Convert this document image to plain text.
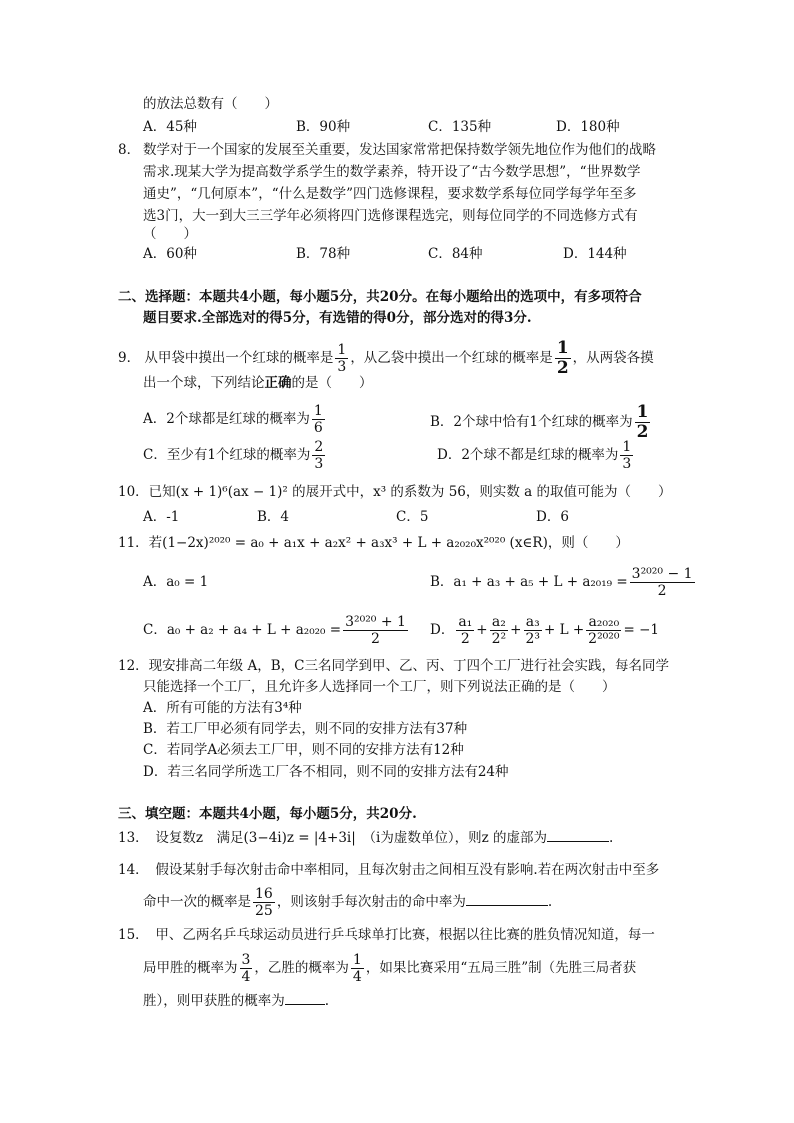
的放法总数有（　　）
A．45种	B．90种	C．135种	D．180种
8． 数学对于一个国家的发展至关重要，发达国家常常把保持数学领先地位作为他们的战略
需求.现某大学为提高数学系学生的数学素养，特开设了“古今数学思想”，“世界数学
通史”，“几何原本”，“什么是数学”四门选修课程，要求数学系每位同学每学年至多
选3门，大一到大三三学年必须将四门选修课程选完，则每位同学的不同选修方式有
（　　）
A．60种	B．78种	C．84种	D．144种
二、选择题：本题共4小题，每小题5分，共20分。在每小题给出的选项中，有多项符合
题目要求.全部选对的得5分，有选错的得0分，部分选对的得3分.
9． 从甲袋中摸出一个红球的概率是 $\frac{1}{3}$ ，从乙袋中摸出一个红球的概率是 $\frac{1}{2}$ ，从两袋各摸
出一个球，下列结论正确的是（　　）
A．2个球都是红球的概率为 $\frac{1}{6}$	B．2个球中恰有1个红球的概率为 $\frac{1}{2}$
C．至少有1个红球的概率为 $\frac{2}{3}$	D．2个球不都是红球的概率为 $\frac{1}{3}$
10．已知(x + 1)⁶(ax − 1)² 的展开式中，x³ 的系数为 56，则实数 a 的取值可能为（　　）
A．-1	B．4	C．5	D．6
11．若(1−2x)²⁰²⁰ = a₀ + a₁x + a₂x² + a₃x³ + L + a₂₀₂₀x²⁰²⁰ (x∈R)，则（　　）
A．a₀ = 1	B．$a_1 + a_3 + a_5 + L + a_{2019} = \frac{\text{3²⁰²⁰ − 1}}{2}$
C．$a_0 + a_2 + a_4 + L + a_{2020} = \frac{\text{3²⁰²⁰ + 1}}{2}$ D． $\frac{\text{a₁}}{2} + \frac{\text{a₂}}{\text{2²}} + \frac{\text{a₃}}{\text{2³}} + L + \frac{\text{a₂₀₂₀}}{\text{2²⁰²⁰}} = -1$
12．现安排高二年级 A，B，C三名同学到甲、乙、丙、丁四个工厂进行社会实践，每名同学
只能选择一个工厂，且允许多人选择同一个工厂，则下列说法正确的是（　　）
A．所有可能的方法有3⁴种
B．若工厂甲必须有同学去，则不同的安排方法有37种
C．若同学A必须去工厂甲，则不同的安排方法有12种
D．若三名同学所选工厂各不相同，则不同的安排方法有24种
三、填空题：本题共4小题，每小题5分，共20分.
13．　设复数z　满足(3−4i)z = |4+3i|　（i为虚数单位），则z 的虚部为	.
14．　假设某射手每次射击命中率相同，且每次射击之间相互没有影响.若在两次射击中至多
命中一次的概率是 $\frac{16}{25}$ ，则该射手每次射击的命中率为	.
15．　甲、乙两名乒乓球运动员进行乒乓球单打比赛，根据以往比赛的胜负情况知道，每一
局甲胜的概率为 $\frac{3}{4}$ ，乙胜的概率为 $\frac{1}{4}$ ，如果比赛采用“五局三胜”制（先胜三局者获
胜），则甲获胜的概率为	.
